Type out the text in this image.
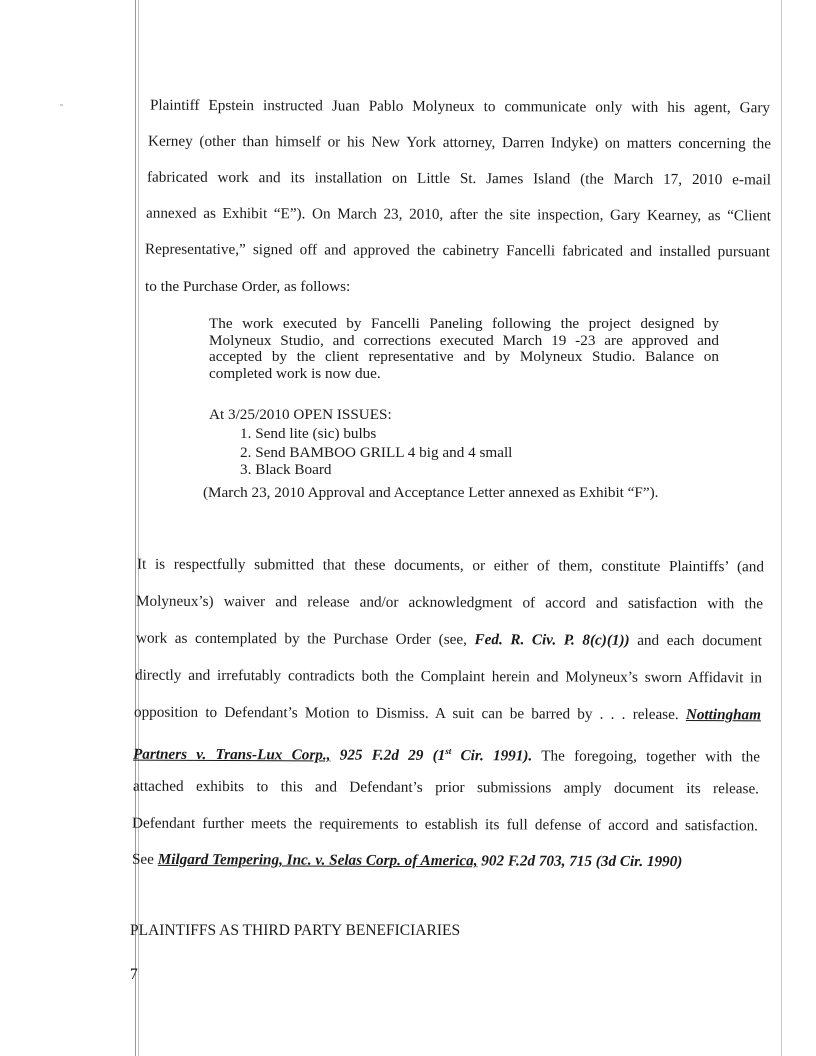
Plaintiff Epstein instructed Juan Pablo Molyneux to communicate only with his agent, Gary

Kerney (other than himself or his New York attorney, Darren Indyke) on matters concerning the

fabricated work and its installation on Little St. James Island (the March 17, 2010 e-mail

annexed as Exhibit “E”). On March 23, 2010, after the site inspection, Gary Kearney, as “Client

Representative,” signed off and approved the cabinetry Fancelli fabricated and installed pursuant

to the Purchase Order, as follows:

The work executed by Fancelli Paneling following the project designed by
Molyneux Studio, and corrections executed March 19 -23 are approved and
accepted by the client representative and by Molyneux Studio. Balance on
completed work is now due.
At 3/25/2010 OPEN ISSUES:
1. Send lite (sic) bulbs
2. Send BAMBOO GRILL 4 big and 4 small
3. Black Board
(March 23, 2010 Approval and Acceptance Letter annexed as Exhibit “F”).

It is respectfully submitted that these documents, or either of them, constitute Plaintiffs’ (and

Molyneux’s) waiver and release and/or acknowledgment of accord and satisfaction with the

work as contemplated by the Purchase Order (see, Fed. R. Civ. P. 8(c)(1)) and each document

directly and irrefutably contradicts both the Complaint herein and Molyneux’s sworn Affidavit in

opposition to Defendant’s Motion to Dismiss. A suit can be barred by . . . release. Nottingham

Partners v. Trans-Lux Corp., 925 F.2d 29 (1st Cir. 1991). The foregoing, together with the

attached exhibits to this and Defendant’s prior submissions amply document its release.

Defendant further meets the requirements to establish its full defense of accord and satisfaction.

See Milgard Tempering, Inc. v. Selas Corp. of America, 902 F.2d 703, 715 (3d Cir. 1990)

PLAINTIFFS AS THIRD PARTY BENEFICIARIES
7
